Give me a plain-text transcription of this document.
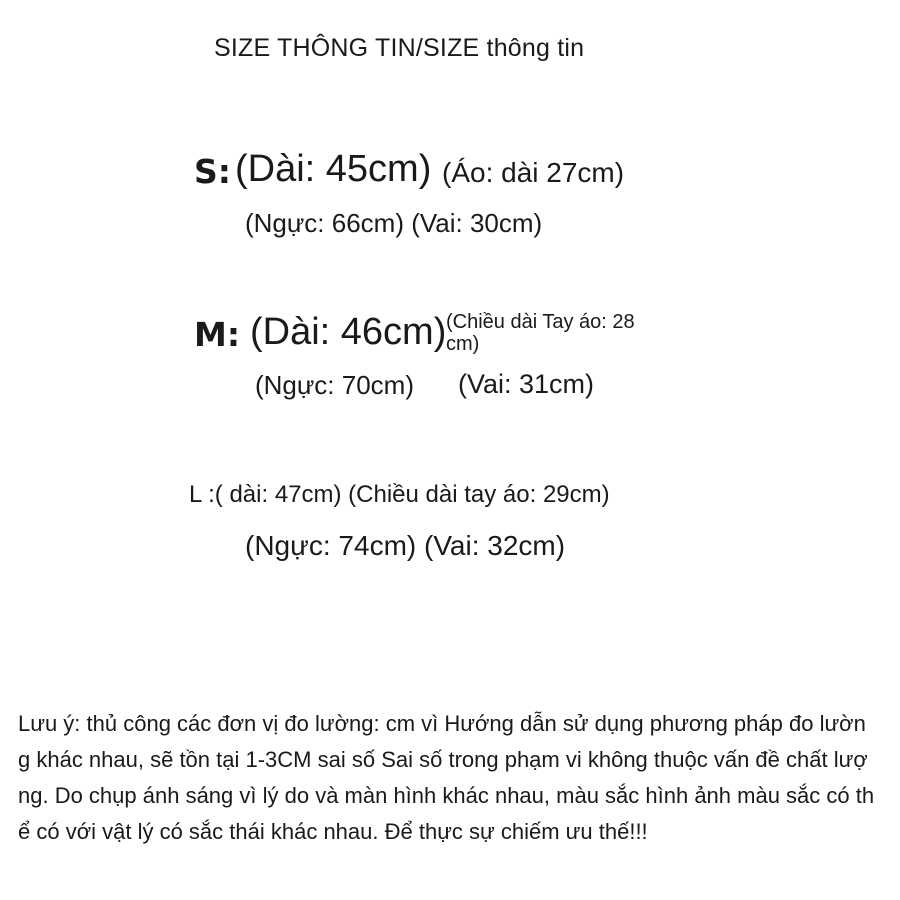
SIZE THÔNG TIN/SIZE thông tin
S: (Dài: 45cm) (Áo: dài 27cm)
(Ngực: 66cm) (Vai: 30cm)
M: (Dài: 46cm) (Chiều dài Tay áo: 28 cm)
(Ngực: 70cm) (Vai: 31cm)
L :( dài: 47cm) (Chiều dài tay áo: 29cm)
(Ngực: 74cm) (Vai: 32cm)
Lưu ý: thủ công các đơn vị đo lường: cm vì Hướng dẫn sử dụng phương pháp đo lường khác nhau, sẽ tồn tại 1-3CM sai số Sai số trong phạm vi không thuộc vấn đề chất lượng. Do chụp ánh sáng vì lý do và màn hình khác nhau, màu sắc hình ảnh màu sắc có thể có với vật lý có sắc thái khác nhau. Để thực sự chiếm ưu thế!!!
